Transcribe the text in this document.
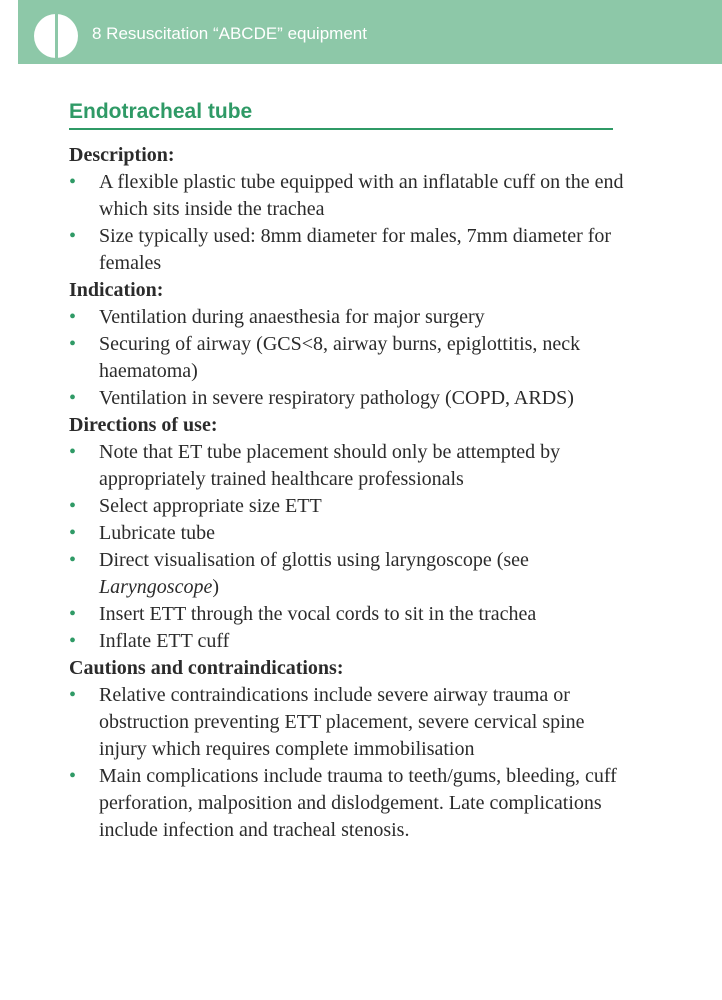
8 Resuscitation “ABCDE” equipment
Endotracheal tube

Description:

• A flexible plastic tube equipped with an inflatable cuff on the end which sits inside the trachea
• Size typically used: 8mm diameter for males, 7mm diameter for females

Indication:

• Ventilation during anaesthesia for major surgery
• Securing of airway (GCS<8, airway burns, epiglottitis, neck haematoma)
• Ventilation in severe respiratory pathology (COPD, ARDS)

Directions of use:

• Note that ET tube placement should only be attempted by appropriately trained healthcare professionals
• Select appropriate size ETT
• Lubricate tube
• Direct visualisation of glottis using laryngoscope (see Laryngoscope)
• Insert ETT through the vocal cords to sit in the trachea
• Inflate ETT cuff

Cautions and contraindications:

• Relative contraindications include severe airway trauma or obstruction preventing ETT placement, severe cervical spine injury which requires complete immobilisation
• Main complications include trauma to teeth/gums, bleeding, cuff perforation, malposition and dislodgement. Late complications include infection and tracheal stenosis.
